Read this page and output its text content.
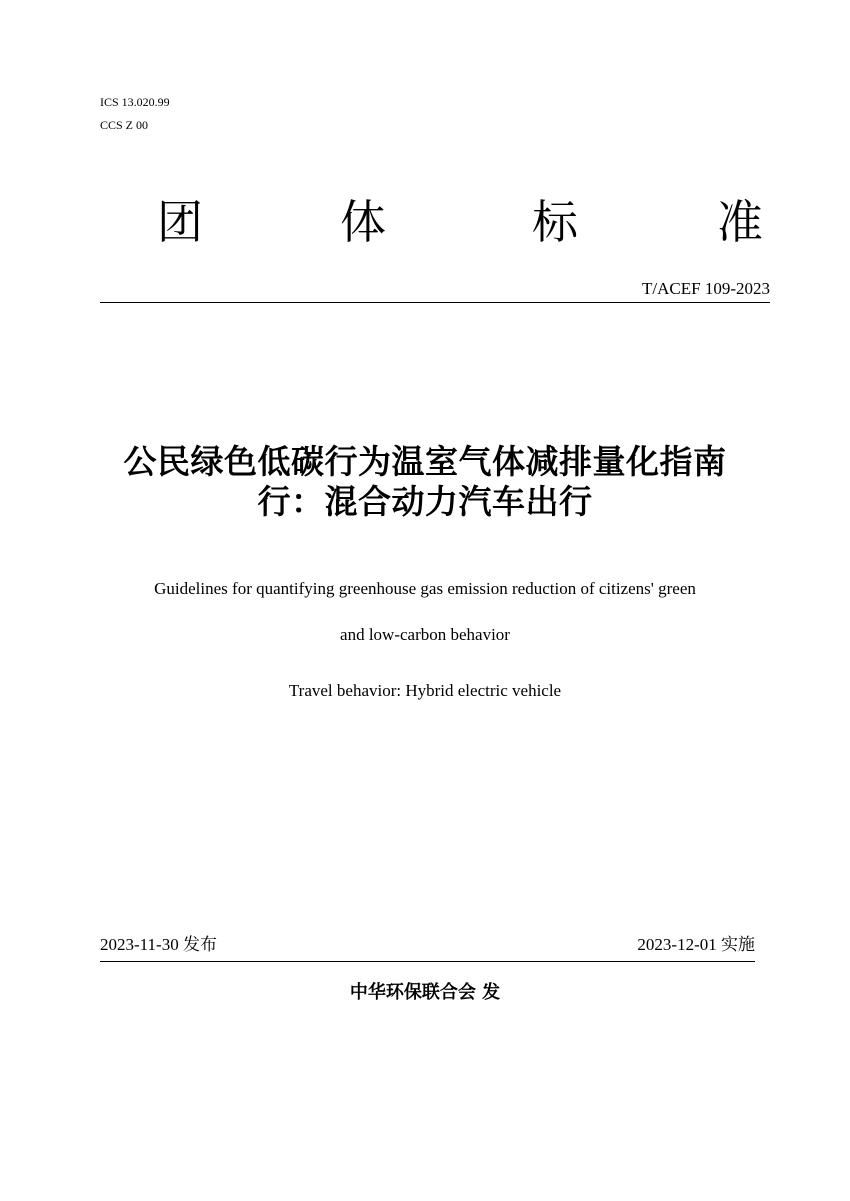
ICS 13.020.99
CCS Z 00
团	体	标	准
T/ACEF 109-2023
公民绿色低碳行为温室气体减排量化指南
行：混合动力汽车出行
Guidelines for quantifying greenhouse gas emission reduction of citizens' green
and low-carbon behavior
Travel behavior: Hybrid electric vehicle
2023-11-30 发布	2023-12-01 实施
中华环保联合会 发
